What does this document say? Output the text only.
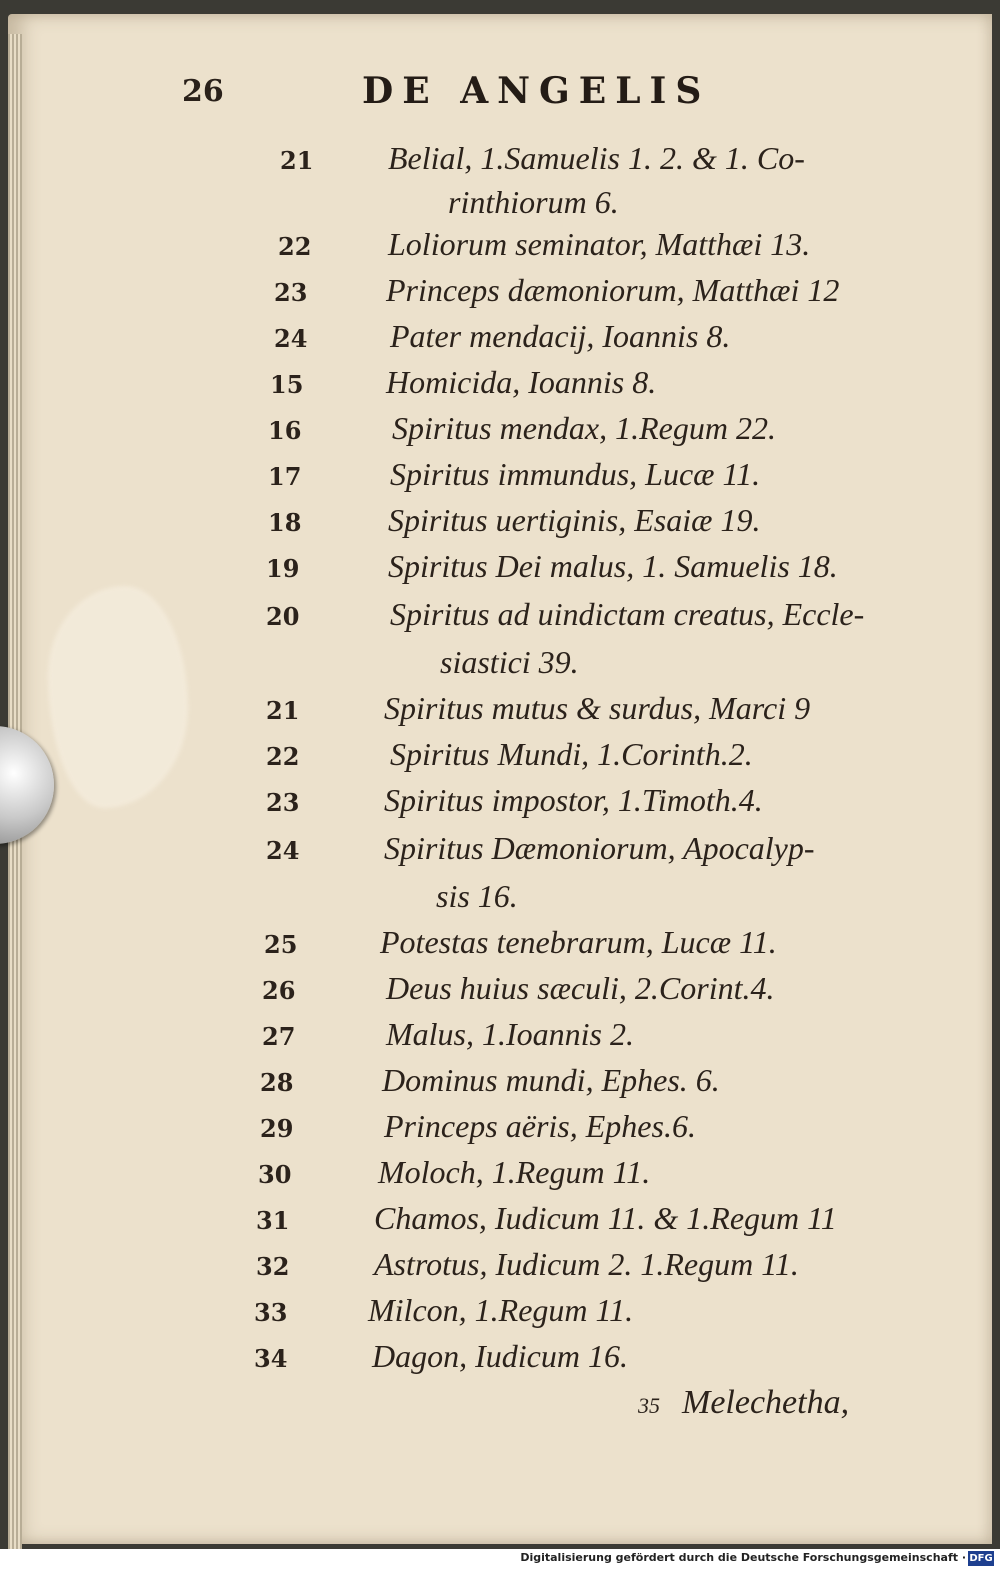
26	DE ANGELIS
21 Belial, 1.Samuelis 1. 2. & 1. Co-
rinthiorum 6.
22 Loliorum seminator, Matthæi 13.
23 Princeps dæmoniorum, Matthæi 12
24	Pater mendacij, Ioannis 8.
15	Homicida, Ioannis 8.
16	Spiritus mendax, 1.Regum 22.
17	Spiritus immundus, Lucæ 11.
18	Spiritus uertiginis, Esaiæ 19.
19	Spiritus Dei malus, 1. Samuelis 18.
20	Spiritus ad uindictam creatus, Eccle-
siastici 39.
21	Spiritus mutus & surdus, Marci 9
22	Spiritus Mundi, 1.Corinth.2.
23	Spiritus impostor, 1.Timoth.4.
24	Spiritus Dæmoniorum, Apocalyp-
sis 16.
25	Potestas tenebrarum, Lucæ 11.
26	Deus huius sæculi, 2.Corint.4.
27	Malus, 1.Ioannis 2.
28	Dominus mundi, Ephes. 6.
29	Princeps aëris, Ephes.6.
30	Moloch, 1.Regum 11.
31	Chamos, Iudicum 11. & 1.Regum 11
32	Astrotus, Iudicum 2. 1.Regum 11.
33	Milcon, 1.Regum 11.
34	Dagon, Iudicum 16.
35 Melechetha,
Digitalisierung gefördert durch die Deutsche Forschungsgemeinschaft · DFG
